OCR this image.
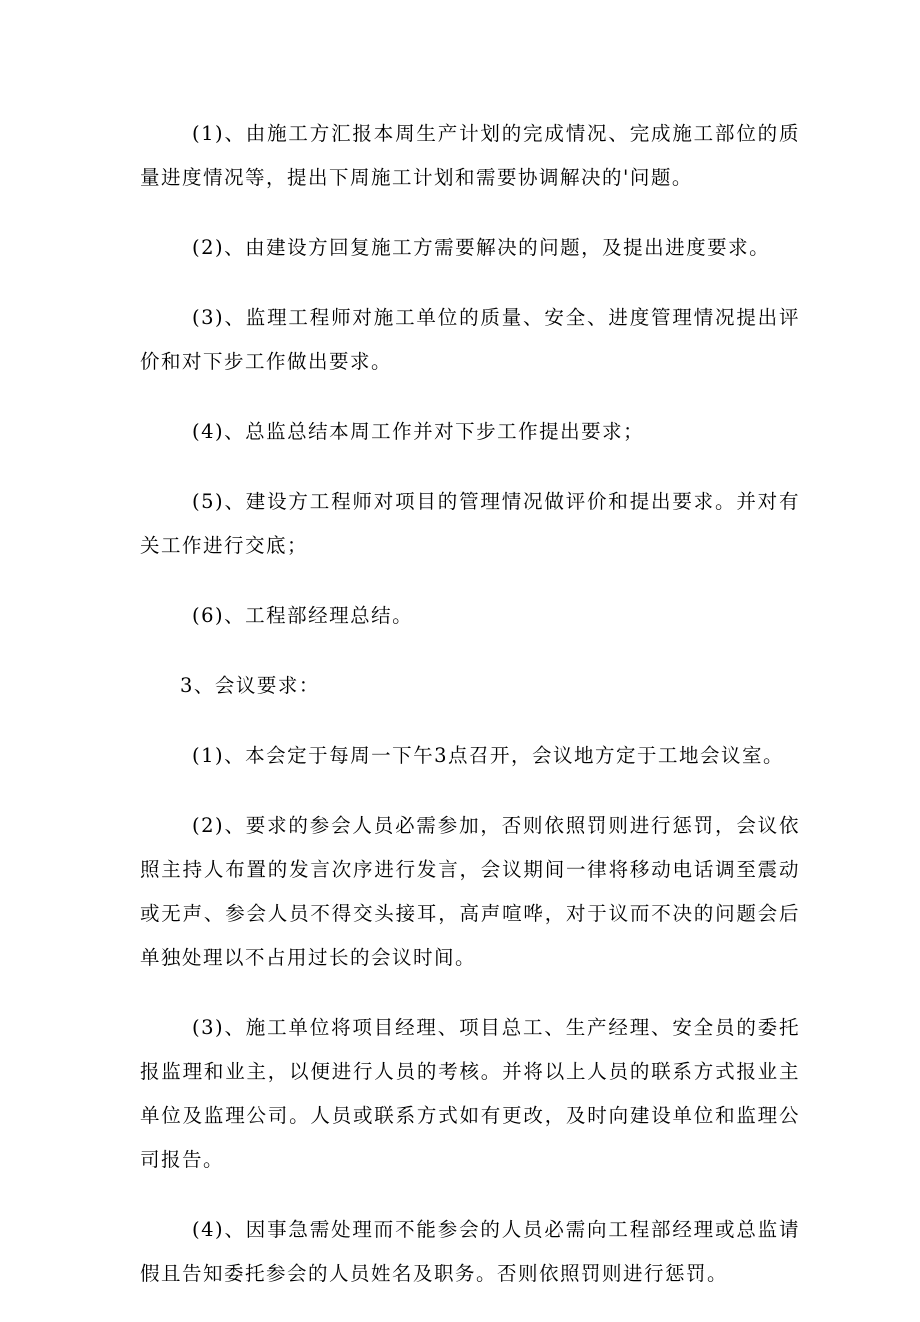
(1)、由施工方汇报本周生产计划的完成情况、完成施工部位的质量进度情况等，提出下周施工计划和需要协调解决的'问题。

(2)、由建设方回复施工方需要解决的问题，及提出进度要求。

(3)、监理工程师对施工单位的质量、安全、进度管理情况提出评价和对下步工作做出要求。

(4)、总监总结本周工作并对下步工作提出要求；

(5)、建设方工程师对项目的管理情况做评价和提出要求。并对有关工作进行交底；

(6)、工程部经理总结。

3、会议要求：

(1)、本会定于每周一下午3点召开，会议地方定于工地会议室。

(2)、要求的参会人员必需参加，否则依照罚则进行惩罚，会议依照主持人布置的发言次序进行发言，会议期间一律将移动电话调至震动或无声、参会人员不得交头接耳，高声喧哗，对于议而不决的问题会后单独处理以不占用过长的会议时间。

(3)、施工单位将项目经理、项目总工、生产经理、安全员的委托报监理和业主，以便进行人员的考核。并将以上人员的联系方式报业主单位及监理公司。人员或联系方式如有更改，及时向建设单位和监理公司报告。

(4)、因事急需处理而不能参会的人员必需向工程部经理或总监请假且告知委托参会的人员姓名及职务。否则依照罚则进行惩罚。
